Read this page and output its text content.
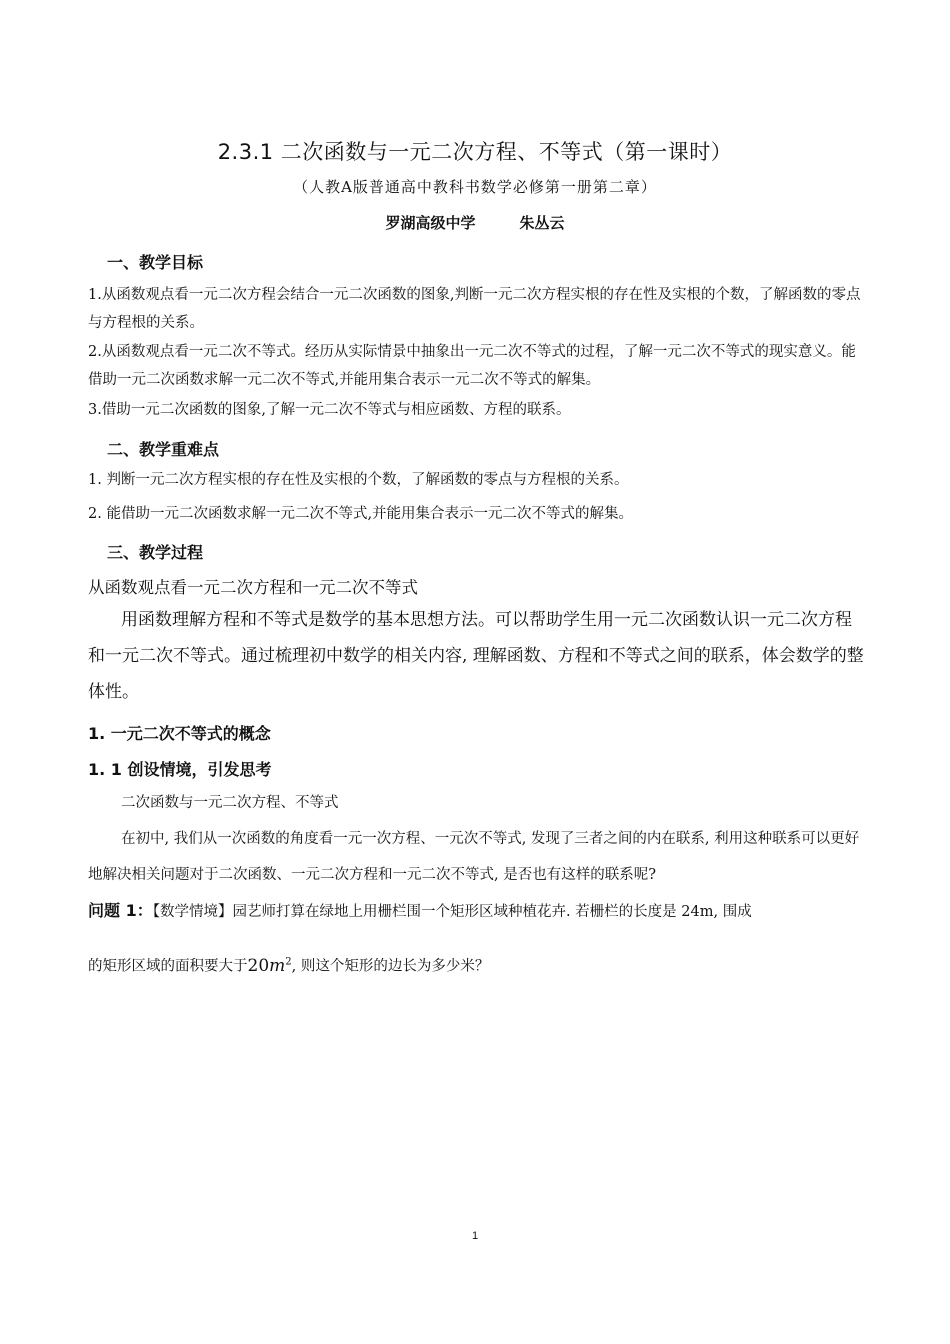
2.3.1 二次函数与一元二次方程、不等式（第一课时）
（人教A版普通高中教科书数学必修第一册第二章）
罗湖高级中学	朱丛云
一、教学目标
1.从函数观点看一元二次方程会结合一元二次函数的图象,判断一元二次方程实根的存在性及实根的个数，了解函数的零点与方程根的关系。
2.从函数观点看一元二次不等式。经历从实际情景中抽象出一元二次不等式的过程，了解一元二次不等式的现实意义。能借助一元二次函数求解一元二次不等式,并能用集合表示一元二次不等式的解集。
3.借助一元二次函数的图象,了解一元二次不等式与相应函数、方程的联系。
二、教学重难点
1. 判断一元二次方程实根的存在性及实根的个数，了解函数的零点与方程根的关系。
2. 能借助一元二次函数求解一元二次不等式,并能用集合表示一元二次不等式的解集。
三、教学过程
从函数观点看一元二次方程和一元二次不等式
用函数理解方程和不等式是数学的基本思想方法。可以帮助学生用一元二次函数认识一元二次方程和一元二次不等式。通过梳理初中数学的相关内容, 理解函数、方程和不等式之间的联系，体会数学的整体性。
1. 一元二次不等式的概念
1. 1 创设情境，引发思考
二次函数与一元二次方程、不等式
在初中, 我们从一次函数的角度看一元一次方程、一元次不等式, 发现了三者之间的内在联系, 利用这种联系可以更好地解决相关问题对于二次函数、一元二次方程和一元二次不等式, 是否也有这样的联系呢?
问题 1：【数学情境】园艺师打算在绿地上用栅栏围一个矩形区域种植花卉. 若栅栏的长度是 24m, 围成
的矩形区域的面积要大于$20m^2$, 则这个矩形的边长为多少米？
1
